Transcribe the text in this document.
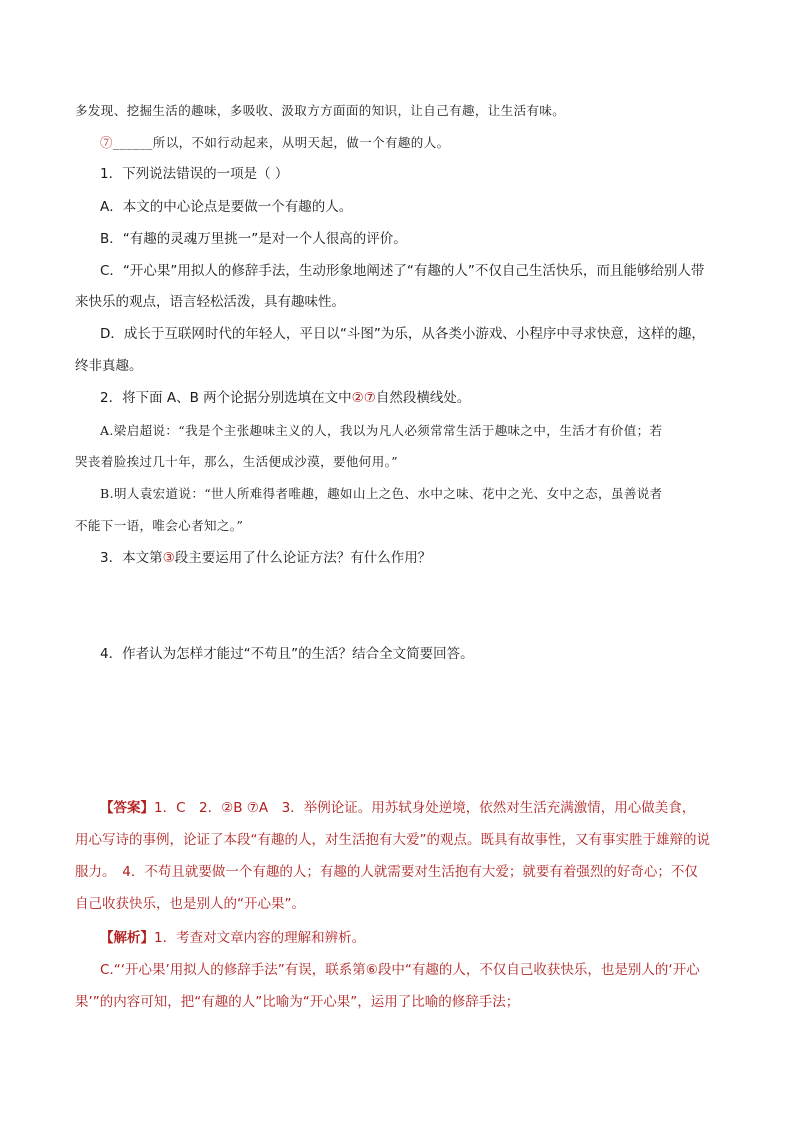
多发现、挖掘生活的趣味，多吸收、汲取方方面面的知识，让自己有趣，让生活有味。
⑦______所以，不如行动起来，从明天起，做一个有趣的人。
1．下列说法错误的一项是（ ）
A．本文的中心论点是要做一个有趣的人。
B．“有趣的灵魂万里挑一”是对一个人很高的评价。
C．“开心果”用拟人的修辞手法，生动形象地阐述了“有趣的人”不仅自己生活快乐，而且能够给别人带
来快乐的观点，语言轻松活泼，具有趣味性。
D．成长于互联网时代的年轻人，平日以“斗图”为乐，从各类小游戏、小程序中寻求快意，这样的趣，
终非真趣。
2．将下面 A、B 两个论据分别选填在文中②⑦自然段横线处。
A.梁启超说：“我是个主张趣味主义的人，我以为凡人必须常常生活于趣味之中，生活才有价值；若
哭丧着脸挨过几十年，那么，生活便成沙漠，要他何用。”
B.明人袁宏道说：“世人所难得者唯趣，趣如山上之色、水中之味、花中之光、女中之态，虽善说者
不能下一语，唯会心者知之。”
3．本文第③段主要运用了什么论证方法？有什么作用？
4．作者认为怎样才能过“不苟且”的生活？结合全文简要回答。
【答案】1．C　2．②B ⑦A　3．举例论证。用苏轼身处逆境，依然对生活充满激情，用心做美食，
用心写诗的事例，论证了本段“有趣的人，对生活抱有大爱”的观点。既具有故事性，又有事实胜于雄辩的说
服力。　4．不苟且就要做一个有趣的人；有趣的人就需要对生活抱有大爱；就要有着强烈的好奇心；不仅
自己收获快乐，也是别人的“开心果”。
【解析】1．考查对文章内容的理解和辨析。
C.“‘开心果’用拟人的修辞手法”有误，联系第⑥段中“有趣的人，不仅自己收获快乐，也是别人的‘开心
果’”的内容可知，把“有趣的人”比喻为“开心果”，运用了比喻的修辞手法；
